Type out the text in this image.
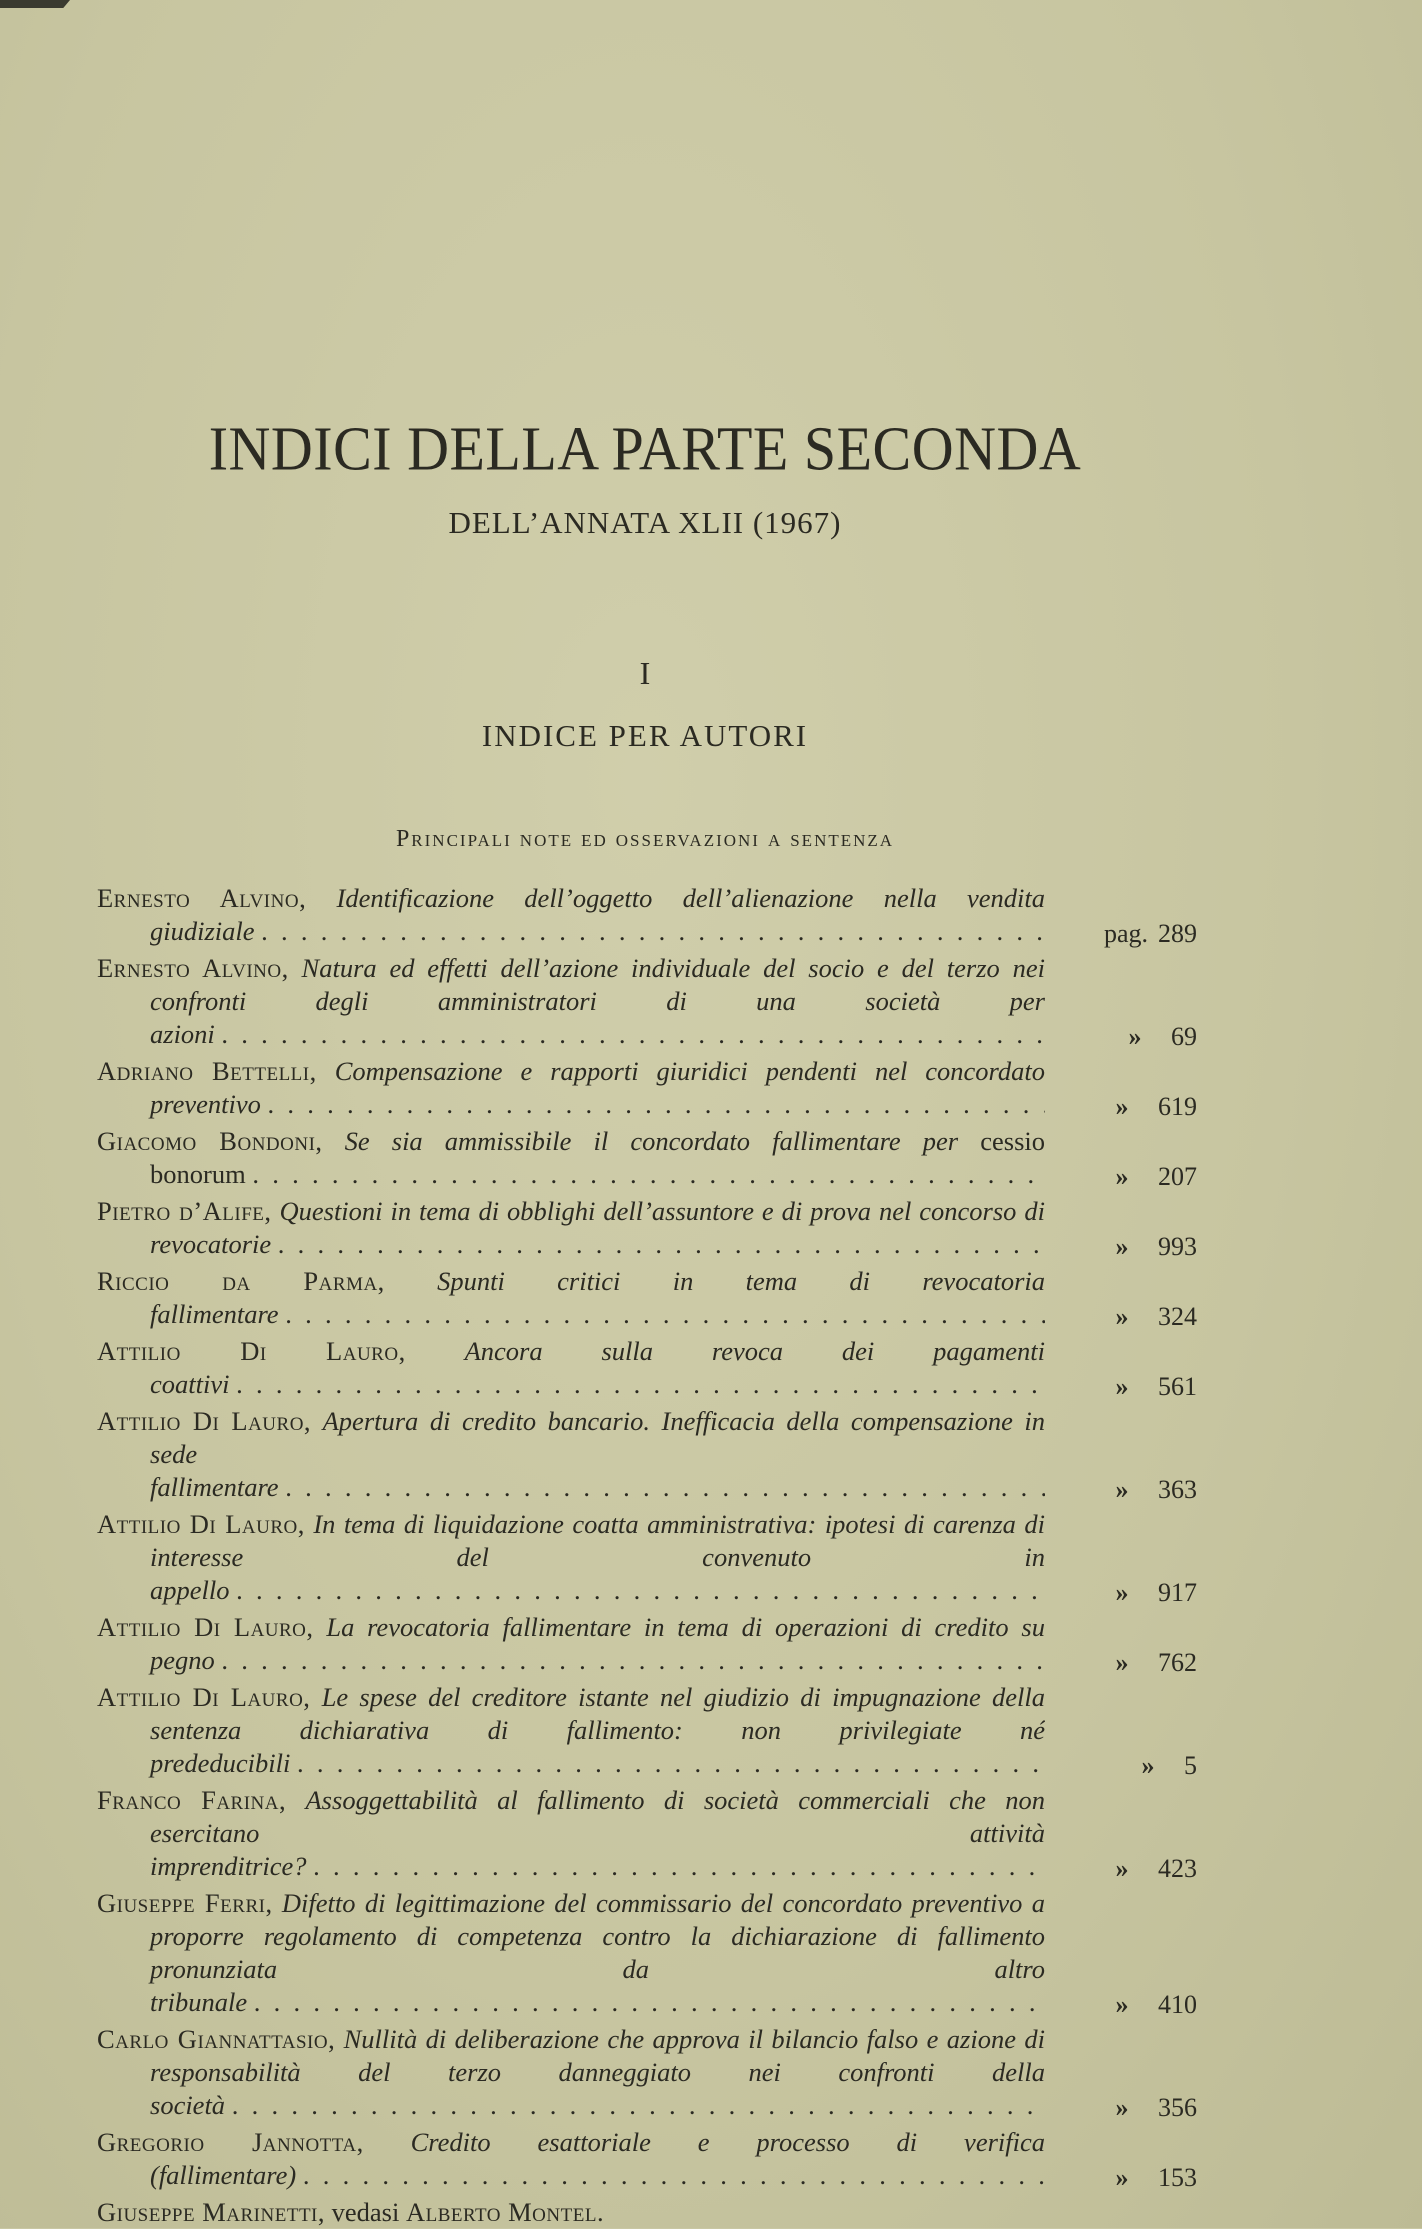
INDICI DELLA PARTE SECONDA
DELL’ANNATA XLII (1967)
I
INDICE PER AUTORI
Principali note ed osservazioni a sentenza
Ernesto Alvino, Identificazione dell’oggetto dell’alienazione nella vendita giudiziale .  .	pag. 289
Ernesto Alvino, Natura ed effetti dell’azione individuale del socio e del terzo nei confronti degli amministratori di una società per azioni .  .	» 69
Adriano Bettelli, Compensazione e rapporti giuridici pendenti nel concordato preventivo .  .	» 619
Giacomo Bondoni, Se sia ammissibile il concordato fallimentare per cessio bonorum .  .	» 207
Pietro d’Alife, Questioni in tema di obblighi dell’assuntore e di prova nel concorso di revocatorie .  .	» 993
Riccio da Parma, Spunti critici in tema di revocatoria fallimentare .  .	» 324
Attilio Di Lauro, Ancora sulla revoca dei pagamenti coattivi .  .	» 561
Attilio Di Lauro, Apertura di credito bancario. Inefficacia della compensazione in sede fallimentare .  .	» 363
Attilio Di Lauro, In tema di liquidazione coatta amministrativa: ipotesi di carenza di interesse del convenuto in appello .  .	» 917
Attilio Di Lauro, La revocatoria fallimentare in tema di operazioni di credito su pegno .  .	» 762
Attilio Di Lauro, Le spese del creditore istante nel giudizio di impugnazione della sentenza dichiarativa di fallimento: non privilegiate né prededucibili .  .	» 5
Franco Farina, Assoggettabilità al fallimento di società commerciali che non esercitano attività imprenditrice? .  .	» 423
Giuseppe Ferri, Difetto di legittimazione del commissario del concordato preventivo a proporre regolamento di competenza contro la dichiarazione di fallimento pronunziata da altro tribunale .  .	» 410
Carlo Giannattasio, Nullità di deliberazione che approva il bilancio falso e azione di responsabilità del terzo danneggiato nei confronti della società .  .	» 356
Gregorio Jannotta, Credito esattoriale e processo di verifica (fallimentare) .  .	» 153
Giuseppe Marinetti, vedasi Alberto Montel.
